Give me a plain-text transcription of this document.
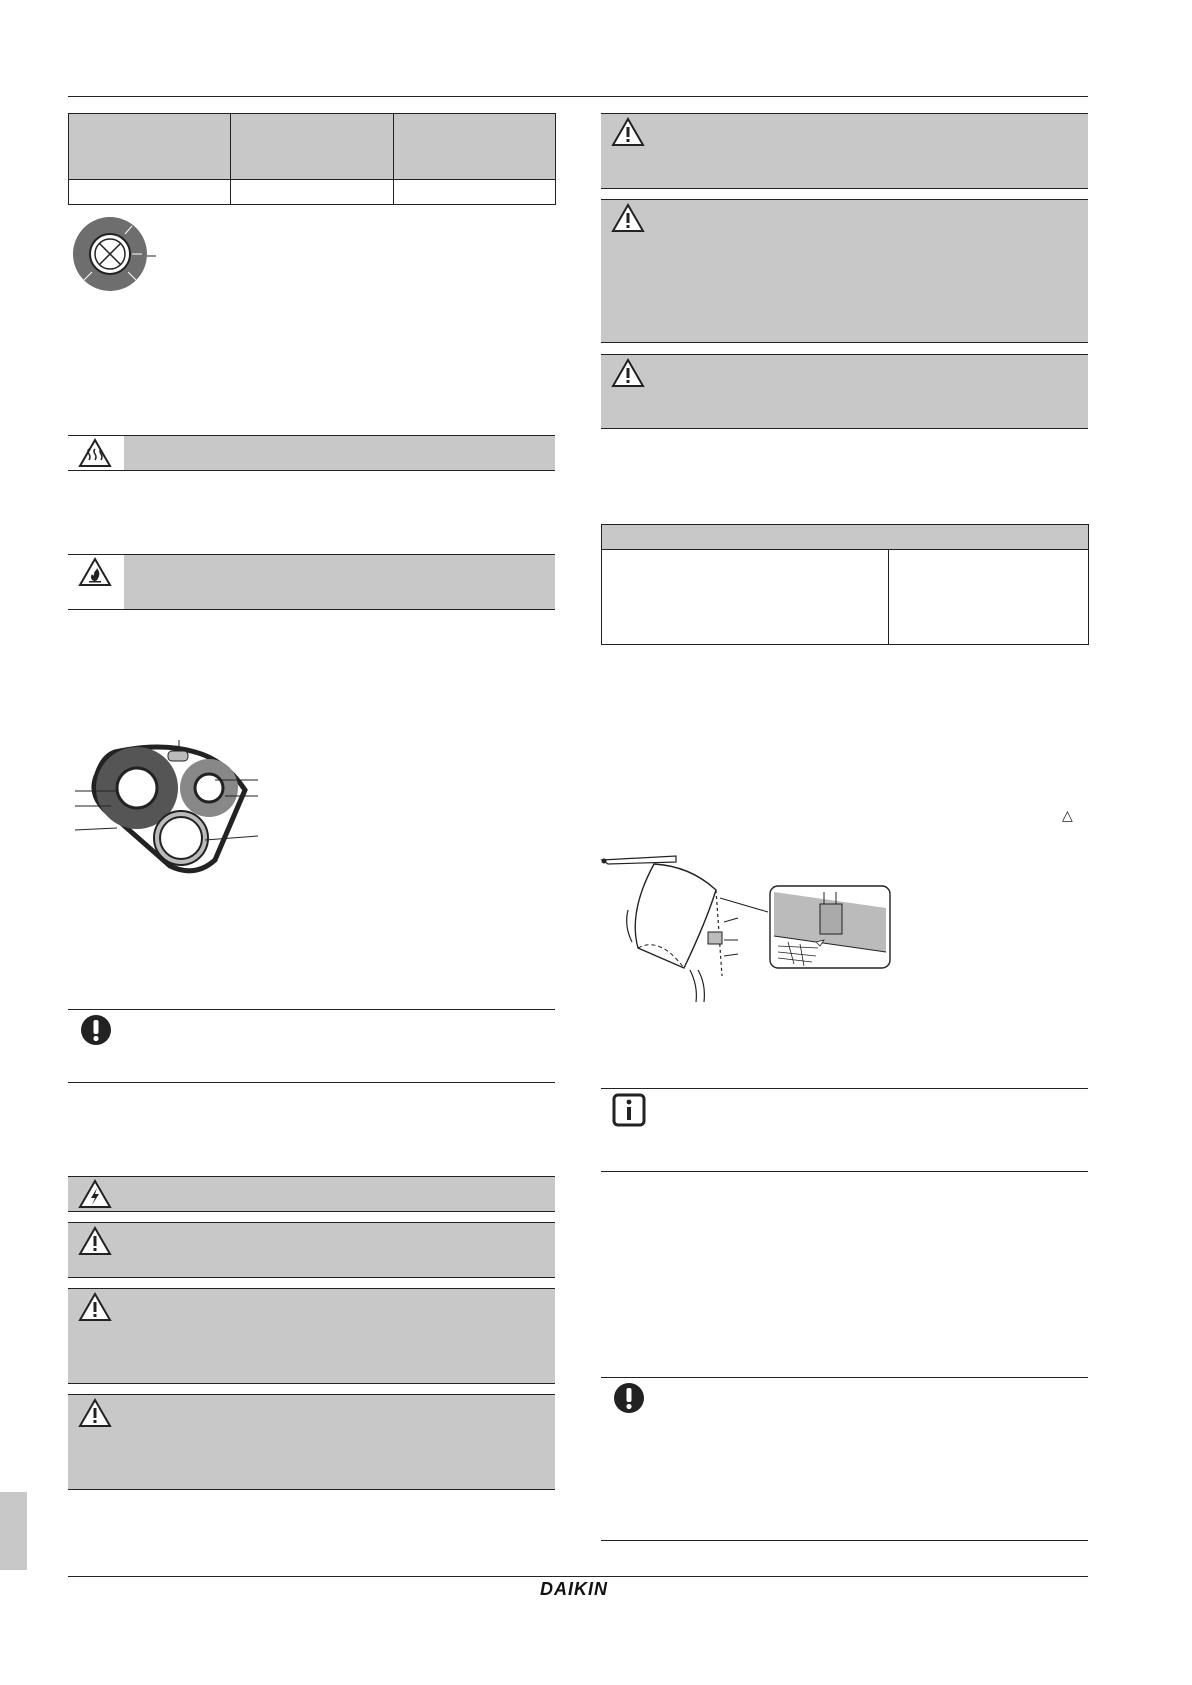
△
DAIKIN
